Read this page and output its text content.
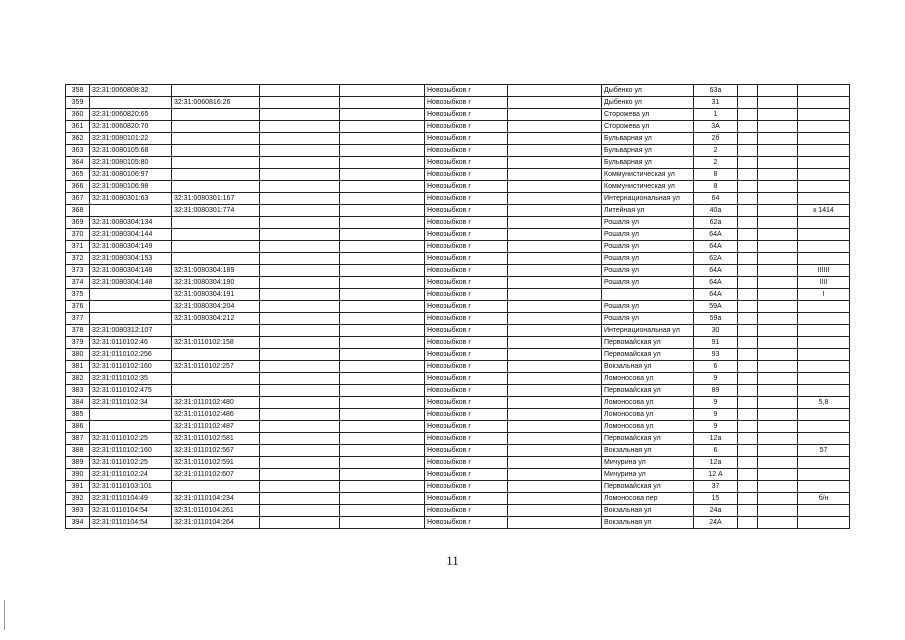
358	32:31:0060808:32				Новозыбков г		Дыбенко ул	63а			
359		32:31:0060816:26			Новозыбков г		Дыбенко ул	31			
360	32:31:0060820:65				Новозыбков г		Сторожева ул	1			
361	32:31:0060820:70				Новозыбков г		Сторожева ул	3А			
362	32:31:0080101:22				Новозыбков г		Бульварная ул	2б			
363	32:31:0080105:68				Новозыбков г		Бульварная ул	2			
364	32:31:0080105:80				Новозыбков г		Бульварная ул	2			
365	32:31:0080106:97				Новозыбков г		Коммунистическая ул	8			
366	32:31:0080106:98				Новозыбков г		Коммунистическая ул	8			
367	32:31:0080301:63	32:31:0080301:167			Новозыбков г		Интернациональная ул	64			
368		32:31:0080301:774			Новозыбков г		Литейная ул	40а			к 1414
369	32:31:0080304:134				Новозыбков г		Рошаля ул	62а			
370	32:31:0080304:144				Новозыбков г		Рошаля ул	64А			
371	32:31:0080304:149				Новозыбков г		Рошаля ул	64А			
372	32:31:0080304:153				Новозыбков г		Рошаля ул	62А			
373	32:31:0080304:148	32:31:0080304:189			Новозыбков г		Рошаля ул	64А			IIIIII
374	32:31:0080304:148	32:31:0080304:190			Новозыбков г		Рошаля ул	64А			IIII
375		32:31:0080304:191			Новозыбков г			64А			I
376		32:31:0080304:204			Новозыбков г		Рошаля ул	59А			
377		32:31:0080304:212			Новозыбков г		Рошаля ул	59а			
378	32:31:0080312:107				Новозыбков г		Интернациональная ул	30			
379	32:31:0110102:46	32:31:0110102:158			Новозыбков г		Первомайская ул	91			
380	32:31:0110102:256				Новозыбков г		Первомайская ул	93			
381	32:31:0110102:160	32:31:0110102:257			Новозыбков г		Вокзальная ул	6			
382	32:31:0110102:35				Новозыбков г		Ломоносова ул	9			
383	32:31:0110102:475				Новозыбков г		Первомайская ул	89			
384	32:31:0110102:34	32:31:0110102:480			Новозыбков г		Ломоносова ул	9			5,8
385		32:31:0110102:486			Новозыбков г		Ломоносова ул	9			
386		32:31:0110102:487			Новозыбков г		Ломоносова ул	9			
387	32:31:0110102:25	32:31:0110102:581			Новозыбков г		Первомайская ул	12а			
388	32:31:0110102:160	32:31:0110102:567			Новозыбков г		Вокзальная ул	6			57
389	32:31:0110102:25	32:31:0110102:591			Новозыбков г		Мичурина ул	12а			
390	32:31:0110102:24	32:31:0110102:607			Новозыбков г		Мичурина ул	12 А			
391	32:31:0110103:101				Новозыбков г		Первомайская ул	37			
392	32:31:0110104:49	32:31:0110104:234			Новозыбков г		Ломоносова пер	15			б/н
393	32:31:0110104:54	32:31:0110104:261			Новозыбков г		Вокзальная ул	24а			
394	32:31:0110104:54	32:31:0110104:264			Новозыбков г		Вокзальная ул	24А			
11
